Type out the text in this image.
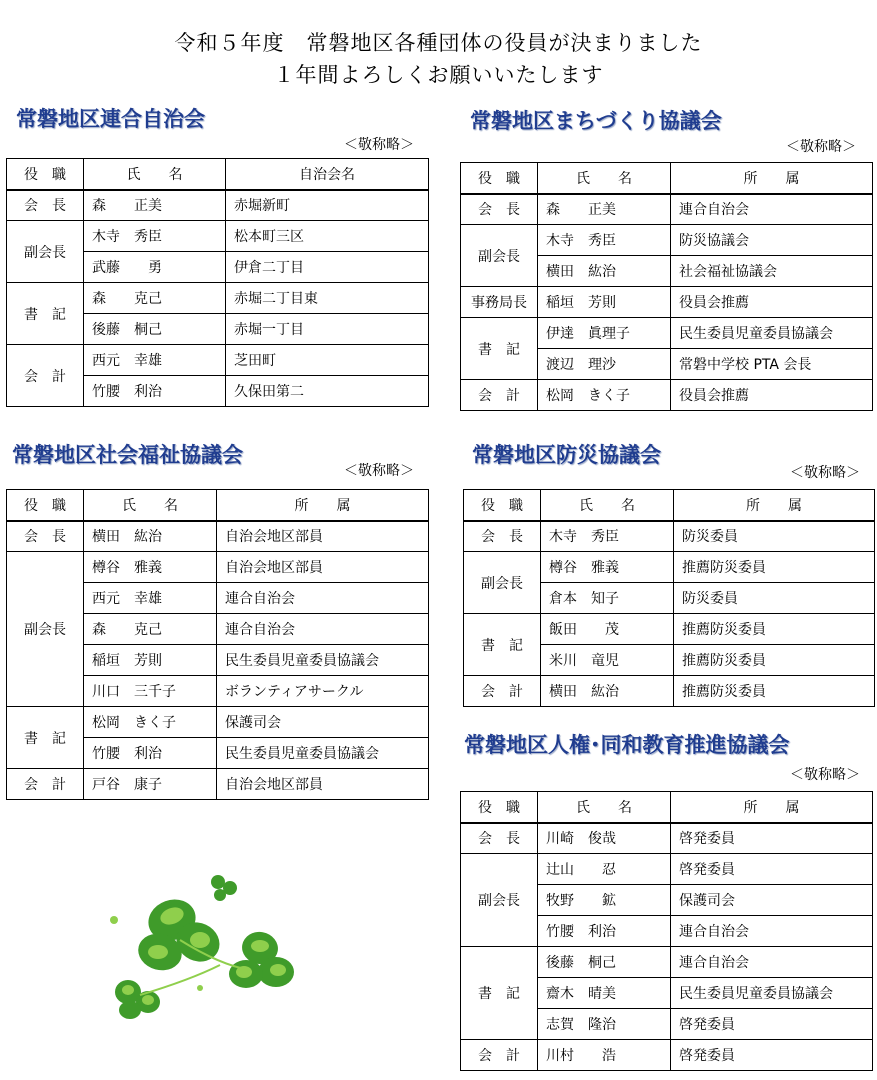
令和５年度　常磐地区各種団体の役員が決まりました
１年間よろしくお願いいたします
常磐地区連合自治会
＜敬称略＞
役　職	氏　　名	自治会名
会　長	森　　正美	赤堀新町
副会長	木寺　秀臣	松本町三区
	武藤　　勇	伊倉二丁目
書　記	森　　克己	赤堀二丁目東
	後藤　桐己	赤堀一丁目
会　計	西元　幸雄	芝田町
	竹腰　利治	久保田第二
常磐地区まちづくり協議会
＜敬称略＞
役　職	氏　　名	所　　属
会　長	森　　正美	連合自治会
副会長	木寺　秀臣	防災協議会
	横田　紘治	社会福祉協議会
事務局長	稲垣　芳則	役員会推薦
書　記	伊達　眞理子	民生委員児童委員協議会
	渡辺　理沙	常磐中学校 PTA 会長
会　計	松岡　きく子	役員会推薦
常磐地区社会福祉協議会
＜敬称略＞
役　職	氏　　名	所　　属
会　長	横田　紘治	自治会地区部員
副会長	樽谷　雅義	自治会地区部員
	西元　幸雄	連合自治会
	森　　克己	連合自治会
	稲垣　芳則	民生委員児童委員協議会
	川口　三千子	ボランティアサークル
書　記	松岡　きく子	保護司会
	竹腰　利治	民生委員児童委員協議会
会　計	戸谷　康子	自治会地区部員
常磐地区防災協議会
＜敬称略＞
役　職	氏　　名	所　　属
会　長	木寺　秀臣	防災委員
副会長	樽谷　雅義	推薦防災委員
	倉本　知子	防災委員
書　記	飯田　　茂	推薦防災委員
	米川　竜児	推薦防災委員
会　計	横田　紘治	推薦防災委員
常磐地区人権･同和教育推進協議会
＜敬称略＞
役　職	氏　　名	所　　属
会　長	川崎　俊哉	啓発委員
副会長	辻山　　忍	啓発委員
	牧野　　鉱	保護司会
	竹腰　利治	連合自治会
書　記	後藤　桐己	連合自治会
	齋木　晴美	民生委員児童委員協議会
	志賀　隆治	啓発委員
会　計	川村　　浩	啓発委員
